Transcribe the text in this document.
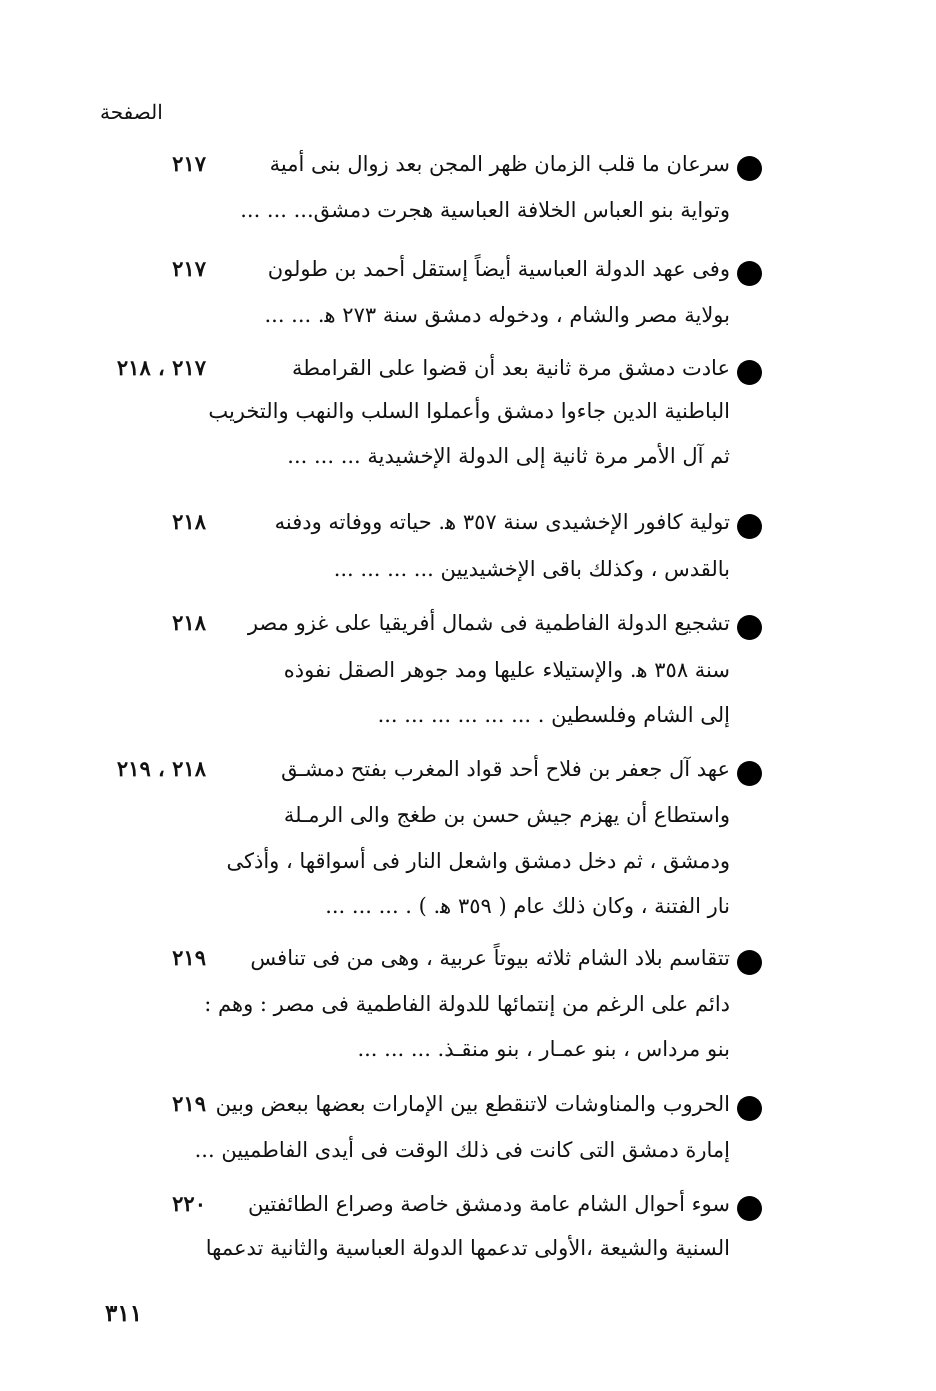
الصفحة
سرعان ما قلب الزمان ظهر المجن بعد زوال بنى أمية
وتواية بنو العباس الخلافة العباسية هجرت دمشق... ... ...
٢١٧
وفى عهد الدولة العباسية أيضاً إستقل أحمد بن طولون
بولاية مصر والشام ، ودخوله دمشق سنة ٢٧٣ ﻫ. ... ...
٢١٧
عادت دمشق مرة ثانية بعد أن قضوا على القرامطة
الباطنية الدين جاءوا دمشق وأعملوا السلب والنهب والتخريب
ثم آل الأمر مرة ثانية إلى الدولة الإخشيدية ... ... ...
٢١٧ ، ٢١٨
تولية كافور الإخشيدى سنة ٣٥٧ ﻫ. حياته ووفاته ودفنه
بالقدس ، وكذلك باقى الإخشيديين ... ... ... ...
٢١٨
تشجيع الدولة الفاطمية فى شمال أفريقيا على غزو مصر
سنة ٣٥٨ ﻫ. والإستيلاء عليها ومد جوهر الصقل نفوذه
إلى الشام وفلسطين . ... ... ... ... ... ...
٢١٨
عهد آل جعفر بن فلاح أحد قواد المغرب بفتح دمشـق
واستطاع أن يهزم جيش حسن بن طغج والى الرمـلة
ودمشق ، ثم دخل دمشق واشعل النار فى أسواقها ، وأذكى
نار الفتنة ، وكان ذلك عام ( ٣٥٩ ﻫ. ) . ... ... ...
٢١٨ ، ٢١٩
تتقاسم بلاد الشام ثلاثه بيوتاً عربية ، وهى من فى تنافس
دائم على الرغم من إنتمائها للدولة الفاطمية فى مصر : وهم :
بنو مرداس ، بنو عمـار ، بنو منقـذ. ... ... ...
٢١٩
الحروب والمناوشات لاتنقطع بين الإمارات بعضها ببعض وبين
إمارة دمشق التى كانت فى ذلك الوقت فى أيدى الفاطميين ...
٢١٩
سوء أحوال الشام عامة ودمشق خاصة وصراع الطائفتين
السنية والشيعة ،الأولى تدعمها الدولة العباسية والثانية تدعمها
٢٢٠
٣١١
